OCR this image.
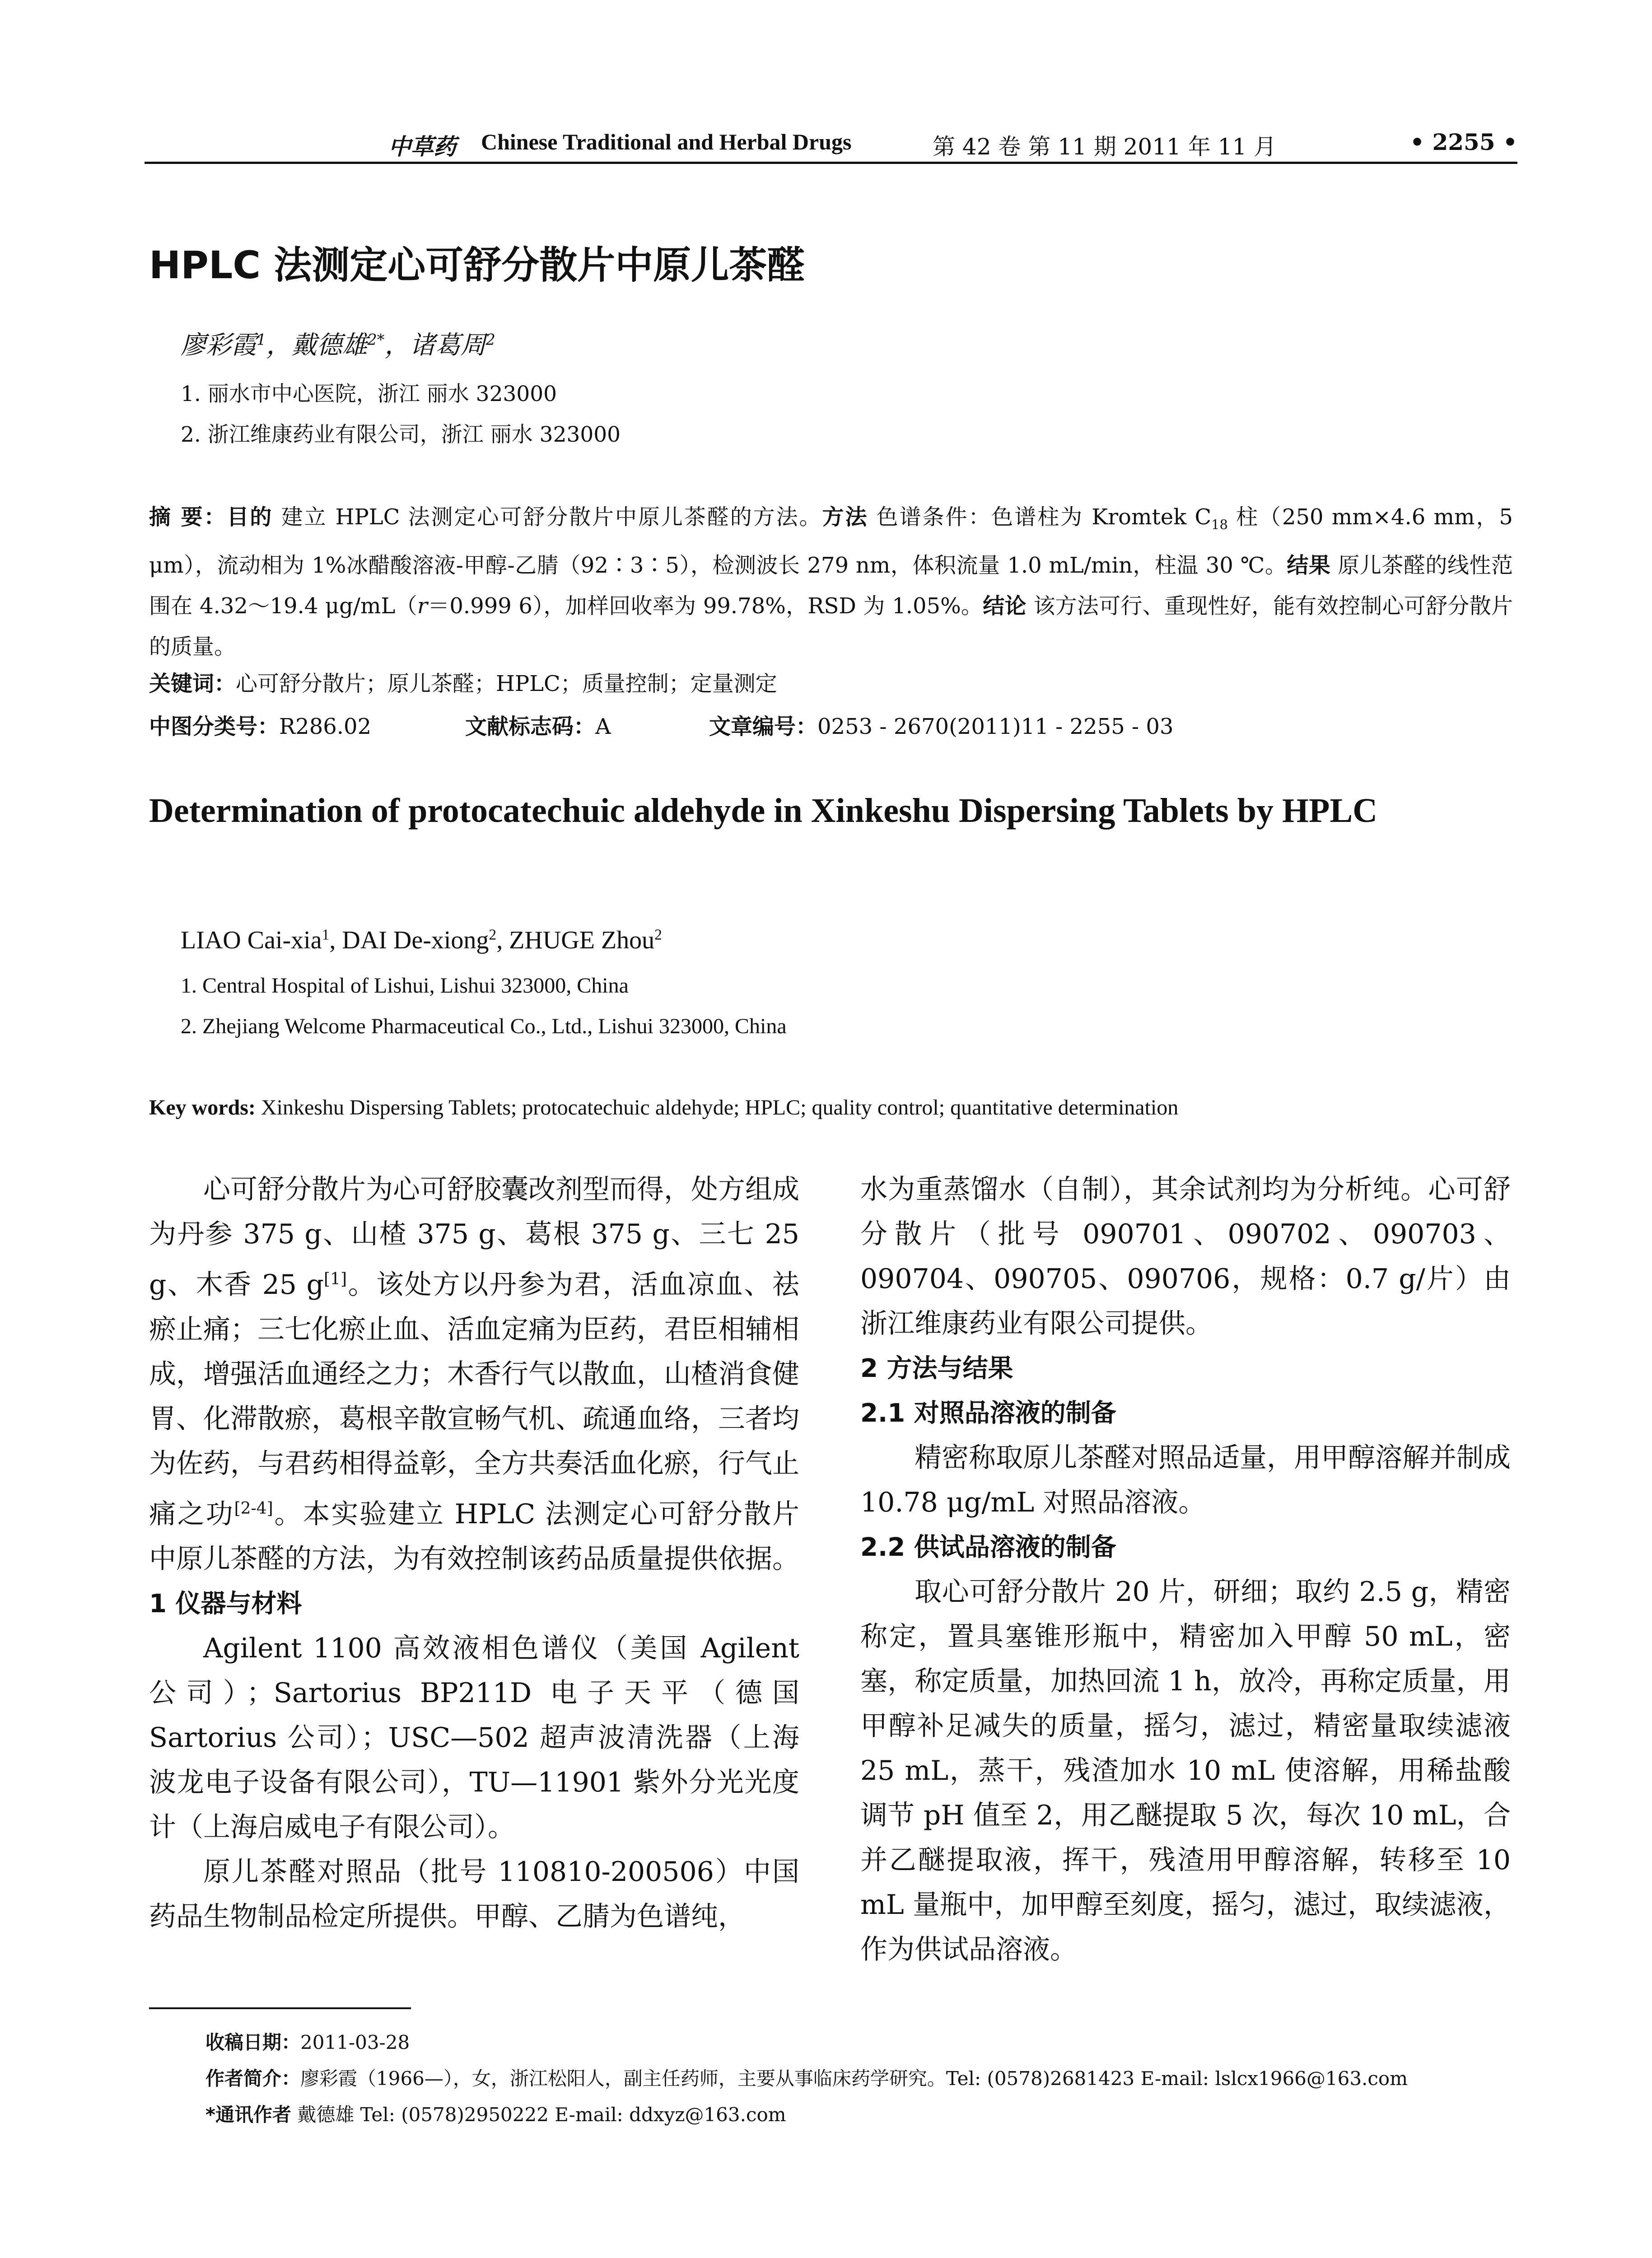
中草药 Chinese Traditional and Herbal Drugs	第 42 卷 第 11 期 2011 年 11 月	• 2255 •
HPLC 法测定心可舒分散片中原儿茶醛
廖彩霞$^1$，戴德雄$^{2*}$，诸葛周$^2$
1. 丽水市中心医院，浙江 丽水 323000
2. 浙江维康药业有限公司，浙江 丽水 323000
摘 要：目的 建立 HPLC 法测定心可舒分散片中原儿茶醛的方法。方法 色谱条件：色谱柱为 Kromtek $C_{18}$ 柱（250 mm×4.6 mm，5 μm），流动相为 1%冰醋酸溶液-甲醇-乙腈（92∶3∶5），检测波长 279 nm，体积流量 1.0 mL/min，柱温 30 ℃。结果 原儿茶醛的线性范围在 4.32～19.4 μg/mL（r＝0.999 6），加样回收率为 99.78%，RSD 为 1.05%。结论 该方法可行、重现性好，能有效控制心可舒分散片的质量。
关键词：心可舒分散片；原儿茶醛；HPLC；质量控制；定量测定
中图分类号：R286.02	文献标志码：A	文章编号：0253 - 2670(2011)11 - 2255 - 03
Determination of protocatechuic aldehyde in Xinkeshu Dispersing Tablets by HPLC
LIAO Cai-xia$^1$, DAI De-xiong$^2$, ZHUGE Zhou$^2$
1. Central Hospital of Lishui, Lishui 323000, China
2. Zhejiang Welcome Pharmaceutical Co., Ltd., Lishui 323000, China
Key words: Xinkeshu Dispersing Tablets; protocatechuic aldehyde; HPLC; quality control; quantitative determination

心可舒分散片为心可舒胶囊改剂型而得，处方组成为丹参 375 g、山楂 375 g、葛根 375 g、三七 25 g、木香 25 g[1]。该处方以丹参为君，活血凉血、祛瘀止痛；三七化瘀止血、活血定痛为臣药，君臣相辅相成，增强活血通经之力；木香行气以散血，山楂消食健胃、化滞散瘀，葛根辛散宣畅气机、疏通血络，三者均为佐药，与君药相得益彰，全方共奏活血化瘀，行气止痛之功[2-4]。本实验建立 HPLC 法测定心可舒分散片中原儿茶醛的方法，为有效控制该药品质量提供依据。

1 仪器与材料

Agilent 1100 高效液相色谱仪（美国 Agilent 公司）；Sartorius BP211D 电子天平（德国 Sartorius 公司）；USC—502 超声波清洗器（上海波龙电子设备有限公司），TU—11901 紫外分光光度计（上海启威电子有限公司）。

原儿茶醛对照品（批号 110810-200506）中国药品生物制品检定所提供。甲醇、乙腈为色谱纯，

水为重蒸馏水（自制），其余试剂均为分析纯。心可舒分散片（批号 090701、090702、090703、090704、090705、090706，规格：0.7 g/片）由浙江维康药业有限公司提供。

2 方法与结果

2.1 对照品溶液的制备

精密称取原儿茶醛对照品适量，用甲醇溶解并制成 10.78 μg/mL 对照品溶液。

2.2 供试品溶液的制备

取心可舒分散片 20 片，研细；取约 2.5 g，精密称定，置具塞锥形瓶中，精密加入甲醇 50 mL，密塞，称定质量，加热回流 1 h，放冷，再称定质量，用甲醇补足减失的质量，摇匀，滤过，精密量取续滤液 25 mL，蒸干，残渣加水 10 mL 使溶解，用稀盐酸调节 pH 值至 2，用乙醚提取 5 次，每次 10 mL，合并乙醚提取液，挥干，残渣用甲醇溶解，转移至 10 mL 量瓶中，加甲醇至刻度，摇匀，滤过，取续滤液，作为供试品溶液。

收稿日期：2011-03-28
作者简介：廖彩霞（1966—），女，浙江松阳人，副主任药师，主要从事临床药学研究。Tel: (0578)2681423 E-mail: lslcx1966@163.com
*通讯作者 戴德雄 Tel: (0578)2950222 E-mail: ddxyz@163.com
